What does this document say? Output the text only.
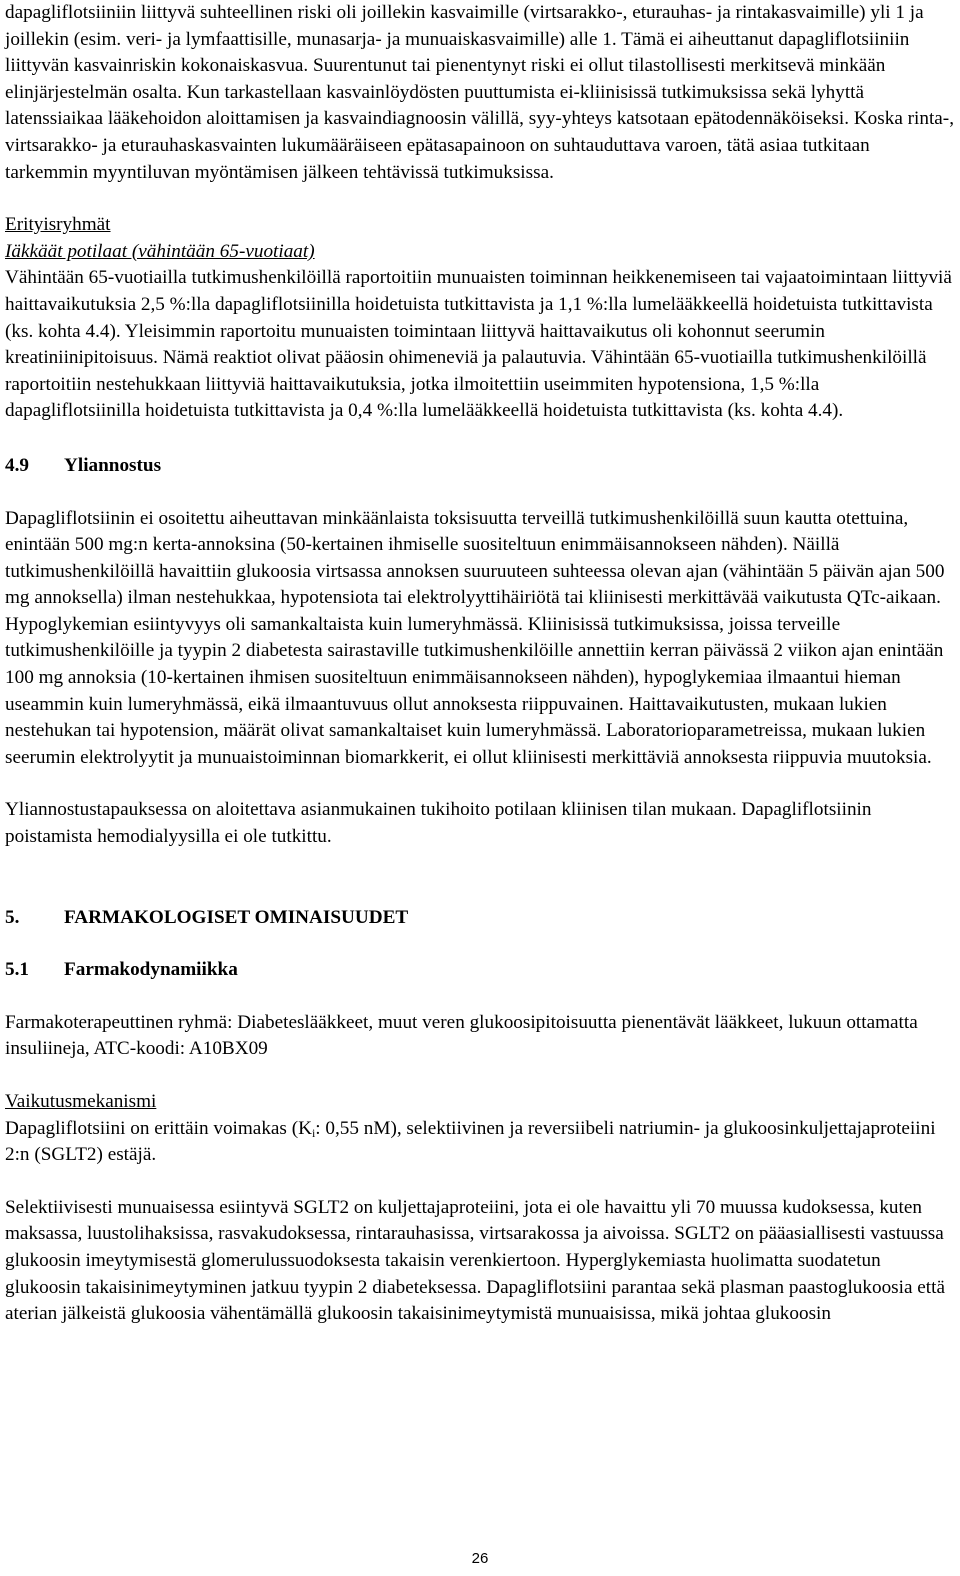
dapagliflotsiiniin liittyvä suhteellinen riski oli joillekin kasvaimille (virtsarakko-, eturauhas- ja rintakasvaimille) yli 1 ja joillekin (esim. veri- ja lymfaattisille, munasarja- ja munuaiskasvaimille) alle 1. Tämä ei aiheuttanut dapagliflotsiiniin liittyvän kasvainriskin kokonaiskasvua. Suurentunut tai pienentynyt riski ei ollut tilastollisesti merkitsevä minkään elinjärjestelmän osalta. Kun tarkastellaan kasvainlöydösten puuttumista ei-kliinisissä tutkimuksissa sekä lyhyttä latenssiaikaa lääkehoidon aloittamisen ja kasvaindiagnoosin välillä, syy-yhteys katsotaan epätodennäköiseksi. Koska rinta-, virtsarakko- ja eturauhaskasvainten lukumääräiseen epätasapainoon on suhtauduttava varoen, tätä asiaa tutkitaan tarkemmin myyntiluvan myöntämisen jälkeen tehtävissä tutkimuksissa.

Erityisryhmät

Iäkkäät potilaat (vähintään 65-vuotiaat)

Vähintään 65-vuotiailla tutkimushenkilöillä raportoitiin munuaisten toiminnan heikkenemiseen tai vajaatoimintaan liittyviä haittavaikutuksia 2,5 %:lla dapagliflotsiinilla hoidetuista tutkittavista ja 1,1 %:lla lumelääkkeellä hoidetuista tutkittavista (ks. kohta 4.4). Yleisimmin raportoitu munuaisten toimintaan liittyvä haittavaikutus oli kohonnut seerumin kreatiniinipitoisuus. Nämä reaktiot olivat pääosin ohimeneviä ja palautuvia. Vähintään 65-vuotiailla tutkimushenkilöillä raportoitiin nestehukkaan liittyviä haittavaikutuksia, jotka ilmoitettiin useimmiten hypotensiona, 1,5 %:lla dapagliflotsiinilla hoidetuista tutkittavista ja 0,4 %:lla lumelääkkeellä hoidetuista tutkittavista (ks. kohta 4.4).

4.9	Yliannostus

Dapagliflotsiinin ei osoitettu aiheuttavan minkäänlaista toksisuutta terveillä tutkimushenkilöillä suun kautta otettuina, enintään 500 mg:n kerta-annoksina (50-kertainen ihmiselle suositeltuun enimmäisannokseen nähden). Näillä tutkimushenkilöillä havaittiin glukoosia virtsassa annoksen suuruuteen suhteessa olevan ajan (vähintään 5 päivän ajan 500 mg annoksella) ilman nestehukkaa, hypotensiota tai elektrolyyttihäiriötä tai kliinisesti merkittävää vaikutusta QTc-aikaan. Hypoglykemian esiintyvyys oli samankaltaista kuin lumeryhmässä. Kliinisissä tutkimuksissa, joissa terveille tutkimushenkilöille ja tyypin 2 diabetesta sairastaville tutkimushenkilöille annettiin kerran päivässä 2 viikon ajan enintään 100 mg annoksia (10-kertainen ihmisen suositeltuun enimmäisannokseen nähden), hypoglykemiaa ilmaantui hieman useammin kuin lumeryhmässä, eikä ilmaantuvuus ollut annoksesta riippuvainen. Haittavaikutusten, mukaan lukien nestehukan tai hypotension, määrät olivat samankaltaiset kuin lumeryhmässä. Laboratorioparametreissa, mukaan lukien seerumin elektrolyytit ja munuaistoiminnan biomarkkerit, ei ollut kliinisesti merkittäviä annoksesta riippuvia muutoksia.

Yliannostustapauksessa on aloitettava asianmukainen tukihoito potilaan kliinisen tilan mukaan. Dapagliflotsiinin poistamista hemodialyysilla ei ole tutkittu.

5.	FARMAKOLOGISET OMINAISUUDET
5.1	Farmakodynamiikka

Farmakoterapeuttinen ryhmä: Diabeteslääkkeet, muut veren glukoosipitoisuutta pienentävät lääkkeet, lukuun ottamatta insuliineja, ATC-koodi: A10BX09

Vaikutusmekanismi

Dapagliflotsiini on erittäin voimakas ($K_i$: 0,55 nM), selektiivinen ja reversiibeli natriumin- ja glukoosinkuljettajaproteiini 2:n (SGLT2) estäjä.

Selektiivisesti munuaisessa esiintyvä SGLT2 on kuljettajaproteiini, jota ei ole havaittu yli 70 muussa kudoksessa, kuten maksassa, luustolihaksissa, rasvakudoksessa, rintarauhasissa, virtsarakossa ja aivoissa. SGLT2 on pääasiallisesti vastuussa glukoosin imeytymisestä glomerulussuodoksesta takaisin verenkiertoon. Hyperglykemiasta huolimatta suodatetun glukoosin takaisinimeytyminen jatkuu tyypin 2 diabeteksessa. Dapagliflotsiini parantaa sekä plasman paastoglukoosia että aterian jälkeistä glukoosia vähentämällä glukoosin takaisinimeytymistä munuaisissa, mikä johtaa glukoosin

26
